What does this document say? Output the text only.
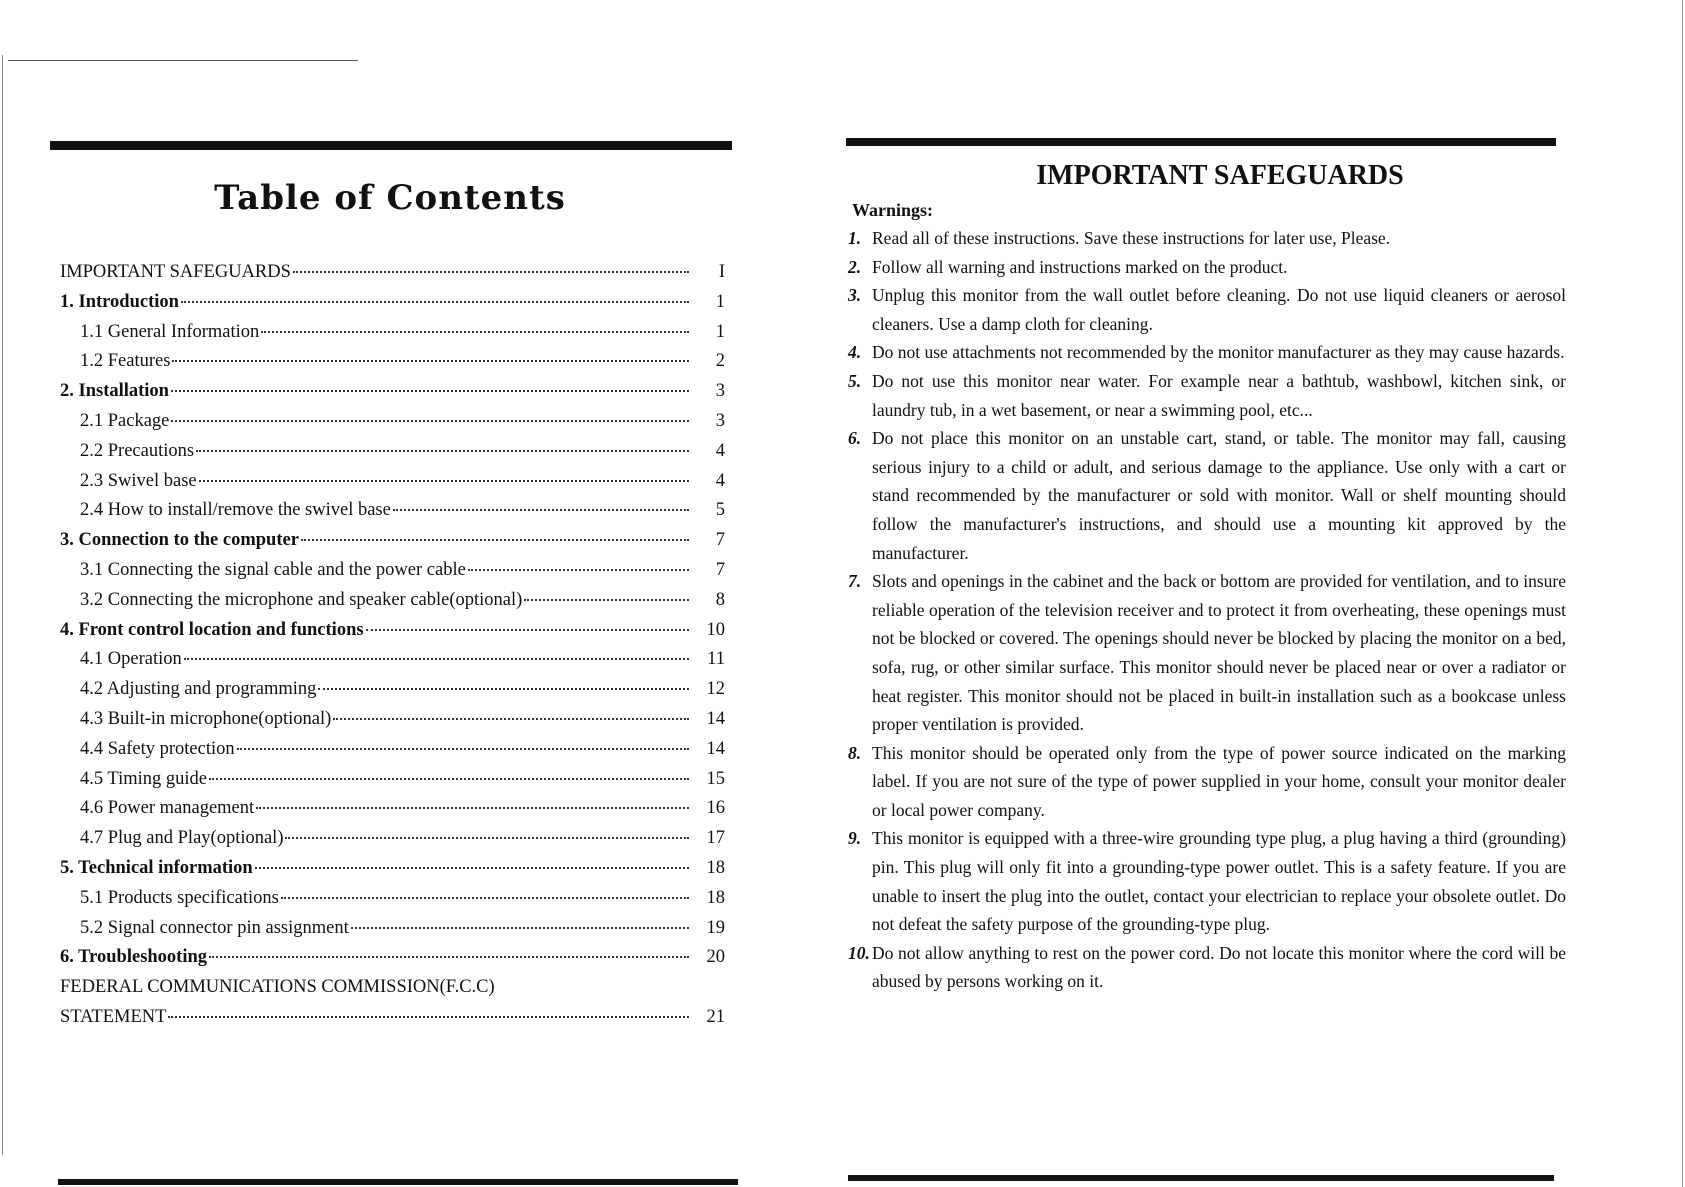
Table of Contents
IMPORTANT SAFEGUARDS	I
1. Introduction	1
1.1 General Information	1
1.2 Features	2
2. Installation	3
2.1 Package	3
2.2 Precautions	4
2.3 Swivel base	4
2.4 How to install/remove the swivel base	5
3. Connection to the computer	7
3.1 Connecting the signal cable and the power cable	7
3.2 Connecting the microphone and speaker cable(optional)	8
4. Front control location and functions	10
4.1 Operation	11
4.2 Adjusting and programming	12
4.3 Built-in microphone(optional)	14
4.4 Safety protection	14
4.5 Timing guide	15
4.6 Power management	16
4.7 Plug and Play(optional)	17
5. Technical information	18
5.1 Products specifications	18
5.2 Signal connector pin assignment	19
6. Troubleshooting	20
FEDERAL COMMUNICATIONS COMMISSION(F.C.C)
STATEMENT	21
IMPORTANT SAFEGUARDS
Warnings:
1. Read all of these instructions. Save these instructions for later use, Please.
2. Follow all warning and instructions marked on the product.
3. Unplug this monitor from the wall outlet before cleaning. Do not use liquid cleaners or aerosol cleaners. Use a damp cloth for cleaning.
4. Do not use attachments not recommended by the monitor manufacturer as they may cause hazards.
5. Do not use this monitor near water. For example near a bathtub, washbowl, kitchen sink, or laundry tub, in a wet basement, or near a swimming pool, etc...
6. Do not place this monitor on an unstable cart, stand, or table. The monitor may fall, causing serious injury to a child or adult, and serious damage to the appliance. Use only with a cart or stand recommended by the manufacturer or sold with monitor. Wall or shelf mounting should follow the manufacturer's instructions, and should use a mounting kit approved by the manufacturer.
7. Slots and openings in the cabinet and the back or bottom are provided for ventilation, and to insure reliable operation of the television receiver and to protect it from overheating, these openings must not be blocked or covered. The openings should never be blocked by placing the monitor on a bed, sofa, rug, or other similar surface. This monitor should never be placed near or over a radiator or heat register. This monitor should not be placed in built-in installation such as a bookcase unless proper ventilation is provided.
8. This monitor should be operated only from the type of power source indicated on the marking label. If you are not sure of the type of power supplied in your home, consult your monitor dealer or local power company.
9. This monitor is equipped with a three-wire grounding type plug, a plug having a third (grounding) pin. This plug will only fit into a grounding-type power outlet. This is a safety feature. If you are unable to insert the plug into the outlet, contact your electrician to replace your obsolete outlet. Do not defeat the safety purpose of the grounding-type plug.
10. Do not allow anything to rest on the power cord. Do not locate this monitor where the cord will be abused by persons working on it.
